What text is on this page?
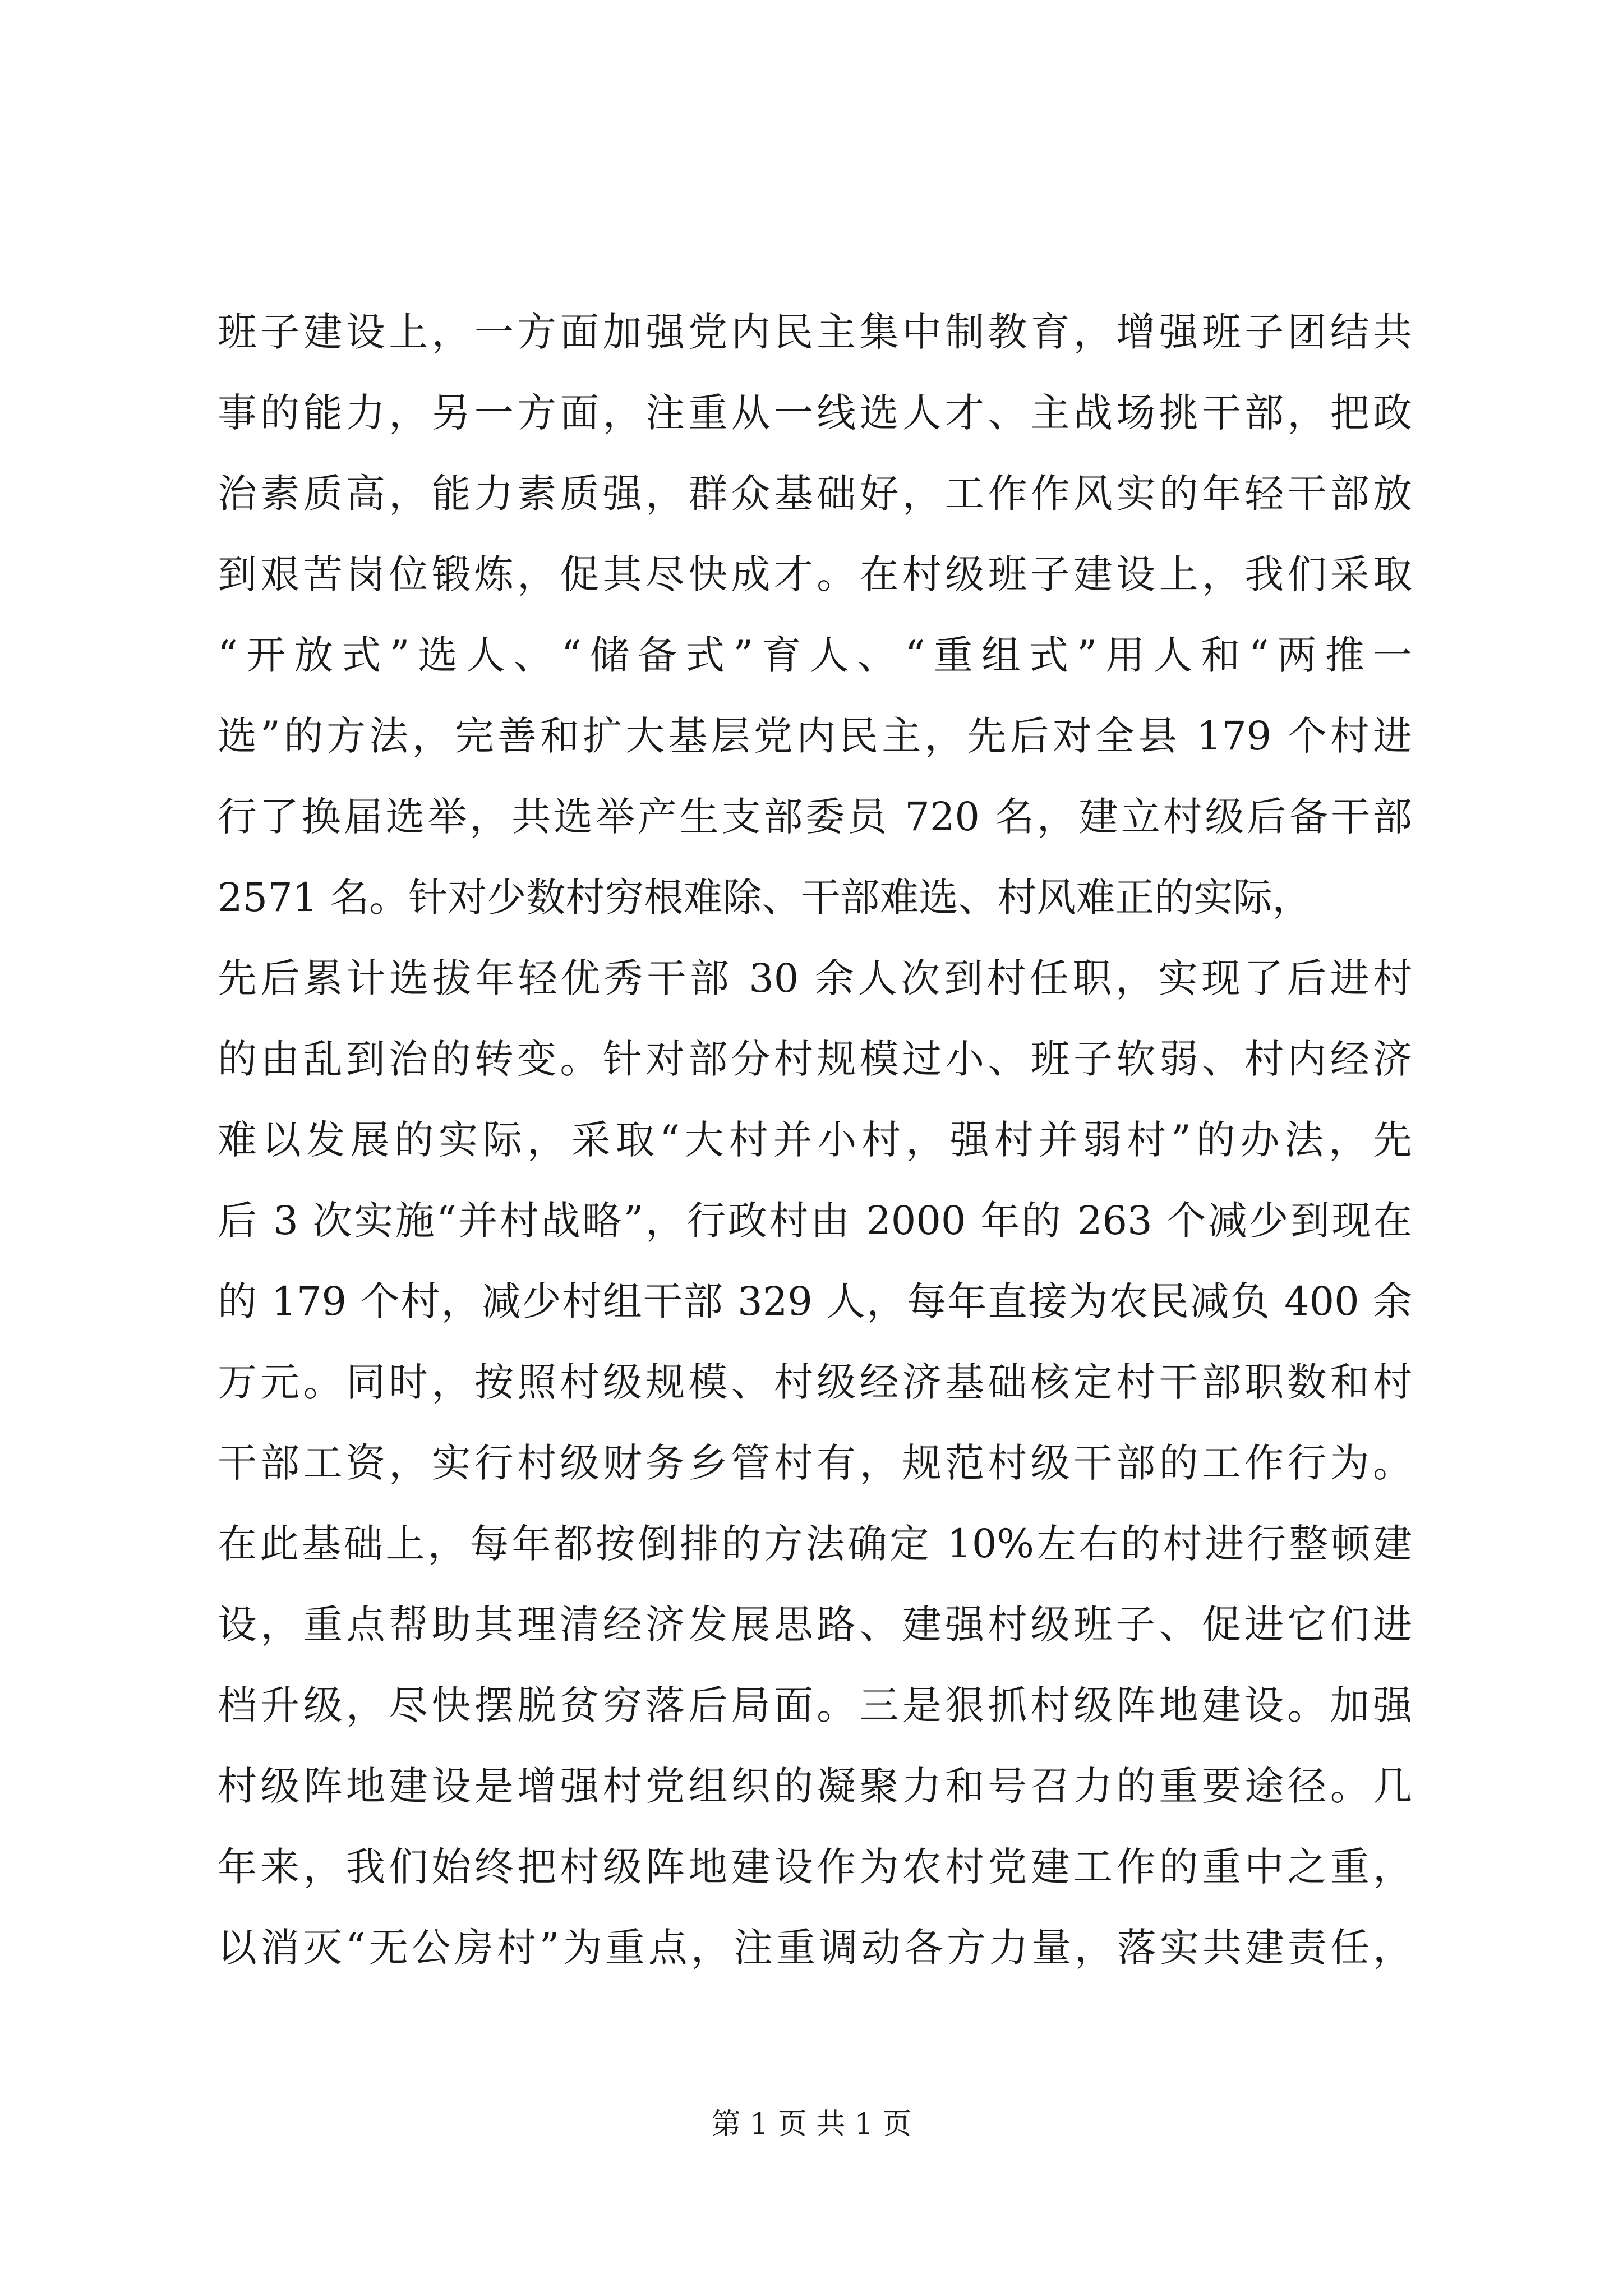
班子建设上，一方面加强党内民主集中制教育，增强班子团结共
事的能力，另一方面，注重从一线选人才、主战场挑干部，把政
治素质高，能力素质强，群众基础好，工作作风实的年轻干部放
到艰苦岗位锻炼，促其尽快成才。在村级班子建设上，我们采取
“开放式”选人、“储备式”育人、“重组式”用人和“两推一
选”的方法，完善和扩大基层党内民主，先后对全县 179 个村进
行了换届选举，共选举产生支部委员 720 名，建立村级后备干部
2571 名。针对少数村穷根难除、干部难选、村风难正的实际，
先后累计选拔年轻优秀干部 30 余人次到村任职，实现了后进村
的由乱到治的转变。针对部分村规模过小、班子软弱、村内经济
难以发展的实际，采取“大村并小村，强村并弱村”的办法，先
后 3 次实施“并村战略”，行政村由 2000 年的 263 个减少到现在
的 179 个村，减少村组干部 329 人，每年直接为农民减负 400 余
万元。同时，按照村级规模、村级经济基础核定村干部职数和村
干部工资，实行村级财务乡管村有，规范村级干部的工作行为。
在此基础上，每年都按倒排的方法确定 10%左右的村进行整顿建
设，重点帮助其理清经济发展思路、建强村级班子、促进它们进
档升级，尽快摆脱贫穷落后局面。三是狠抓村级阵地建设。加强
村级阵地建设是增强村党组织的凝聚力和号召力的重要途径。几
年来，我们始终把村级阵地建设作为农村党建工作的重中之重，
以消灭“无公房村”为重点，注重调动各方力量，落实共建责任，
第 1 页 共 1 页
